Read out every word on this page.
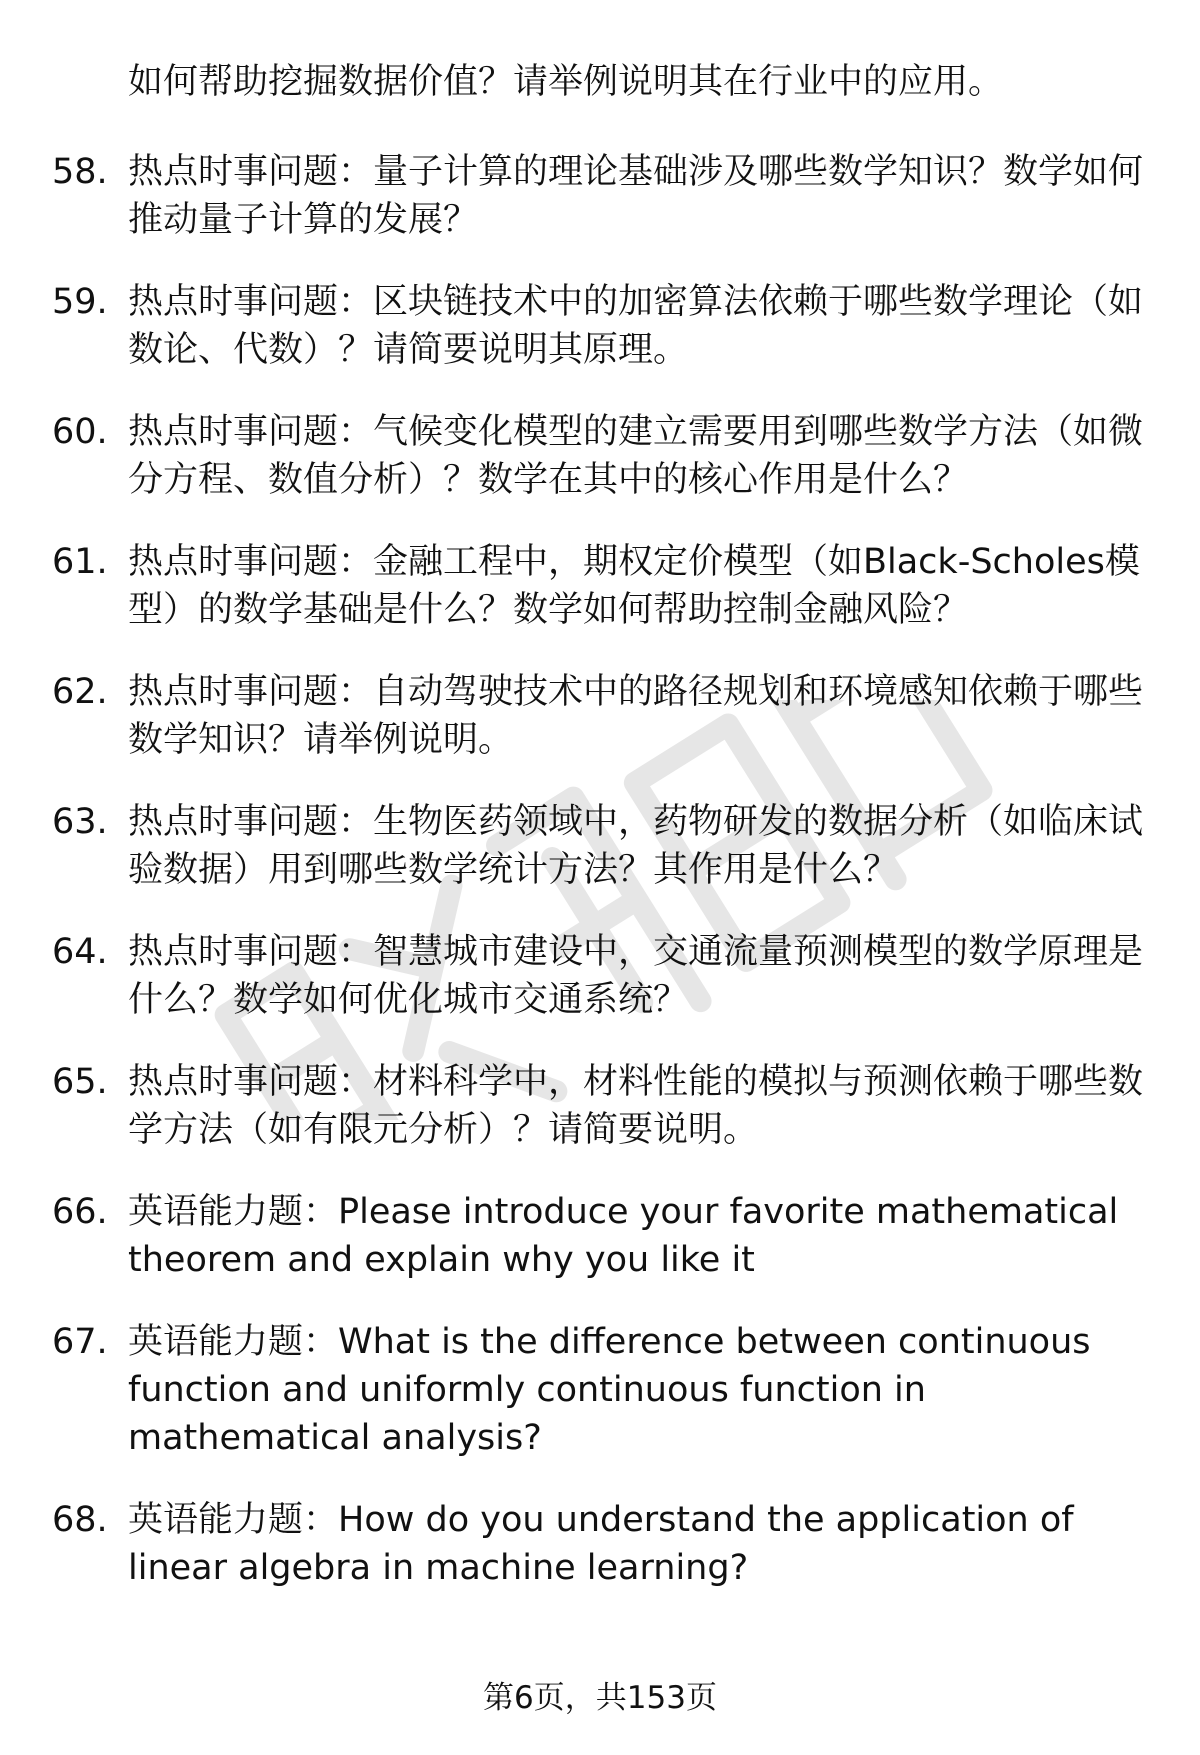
如何帮助挖掘数据价值？请举例说明其在行业中的应用。
58. 热点时事问题：量子计算的理论基础涉及哪些数学知识？数学如何推动量子计算的发展？
59. 热点时事问题：区块链技术中的加密算法依赖于哪些数学理论（如数论、代数）？请简要说明其原理。
60. 热点时事问题：气候变化模型的建立需要用到哪些数学方法（如微分方程、数值分析）？数学在其中的核心作用是什么？
61. 热点时事问题：金融工程中，期权定价模型（如Black-Scholes模型）的数学基础是什么？数学如何帮助控制金融风险？
62. 热点时事问题：自动驾驶技术中的路径规划和环境感知依赖于哪些数学知识？请举例说明。
63. 热点时事问题：生物医药领域中，药物研发的数据分析（如临床试验数据）用到哪些数学统计方法？其作用是什么？
64. 热点时事问题：智慧城市建设中，交通流量预测模型的数学原理是什么？数学如何优化城市交通系统？
65. 热点时事问题：材料科学中，材料性能的模拟与预测依赖于哪些数学方法（如有限元分析）？请简要说明。
66. 英语能力题：Please introduce your favorite mathematical theorem and explain why you like it
67. 英语能力题：What is the difference between continuous function and uniformly continuous function in mathematical analysis?
68. 英语能力题：How do you understand the application of linear algebra in machine learning?
第6页，共153页
